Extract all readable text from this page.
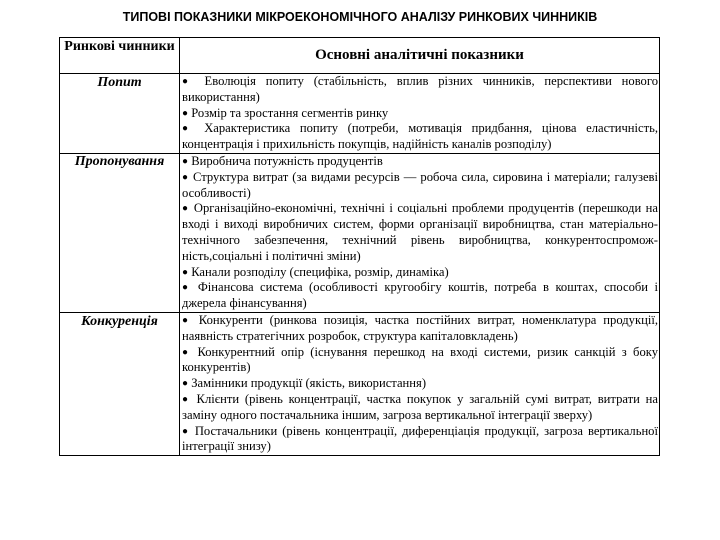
ТИПОВІ ПОКАЗНИКИ МІКРОЕКОНОМІЧНОГО АНАЛІЗУ РИНКОВИХ ЧИННИКІВ
Ринкові чинники	Основні аналітичні показники
Попит	● Еволюція попиту (стабільність, вплив різних чинників, перспективи нового використання)

● Розмір та зростання сегментів ринку

● Характеристика попиту (потреби, мотивація придбання, цінова еластичність, концентрація і прихильність покупців, надійність каналів розподілу)

Пропонування	● Виробнича потужність продуцентів

● Структура витрат (за видами ресурсів — робоча сила, сировина і матеріали; галузеві особливості)

● Організаційно-економічні, технічні і соціальні проблеми продуцентів (перешкоди на вході і виході виробничих систем, форми організації виробництва, стан матеріально-технічного забезпечення, технічний рівень виробництва, конкурентоспромож-ність,соціальні і політичні зміни)

● Канали розподілу (специфіка, розмір, динаміка)

● Фінансова система (особливості кругообігу коштів, потреба в коштах, способи і джерела фінансування)

Конкуренція	● Конкуренти (ринкова позиція, частка постійних витрат, номенклатура продукції, наявність стратегічних розробок, структура капіталовкладень)

● Конкурентний опір (існування перешкод на вході системи, ризик санкцій з боку конкурентів)

● Замінники продукції (якість, використання)

● Клієнти (рівень концентрації, частка покупок у загальній сумі витрат, витрати на заміну одного постачальника іншим, загроза вертикальної інтеграції зверху)

● Постачальники (рівень концентрації, диференціація продукції, загроза вертикальної інтеграції знизу)
